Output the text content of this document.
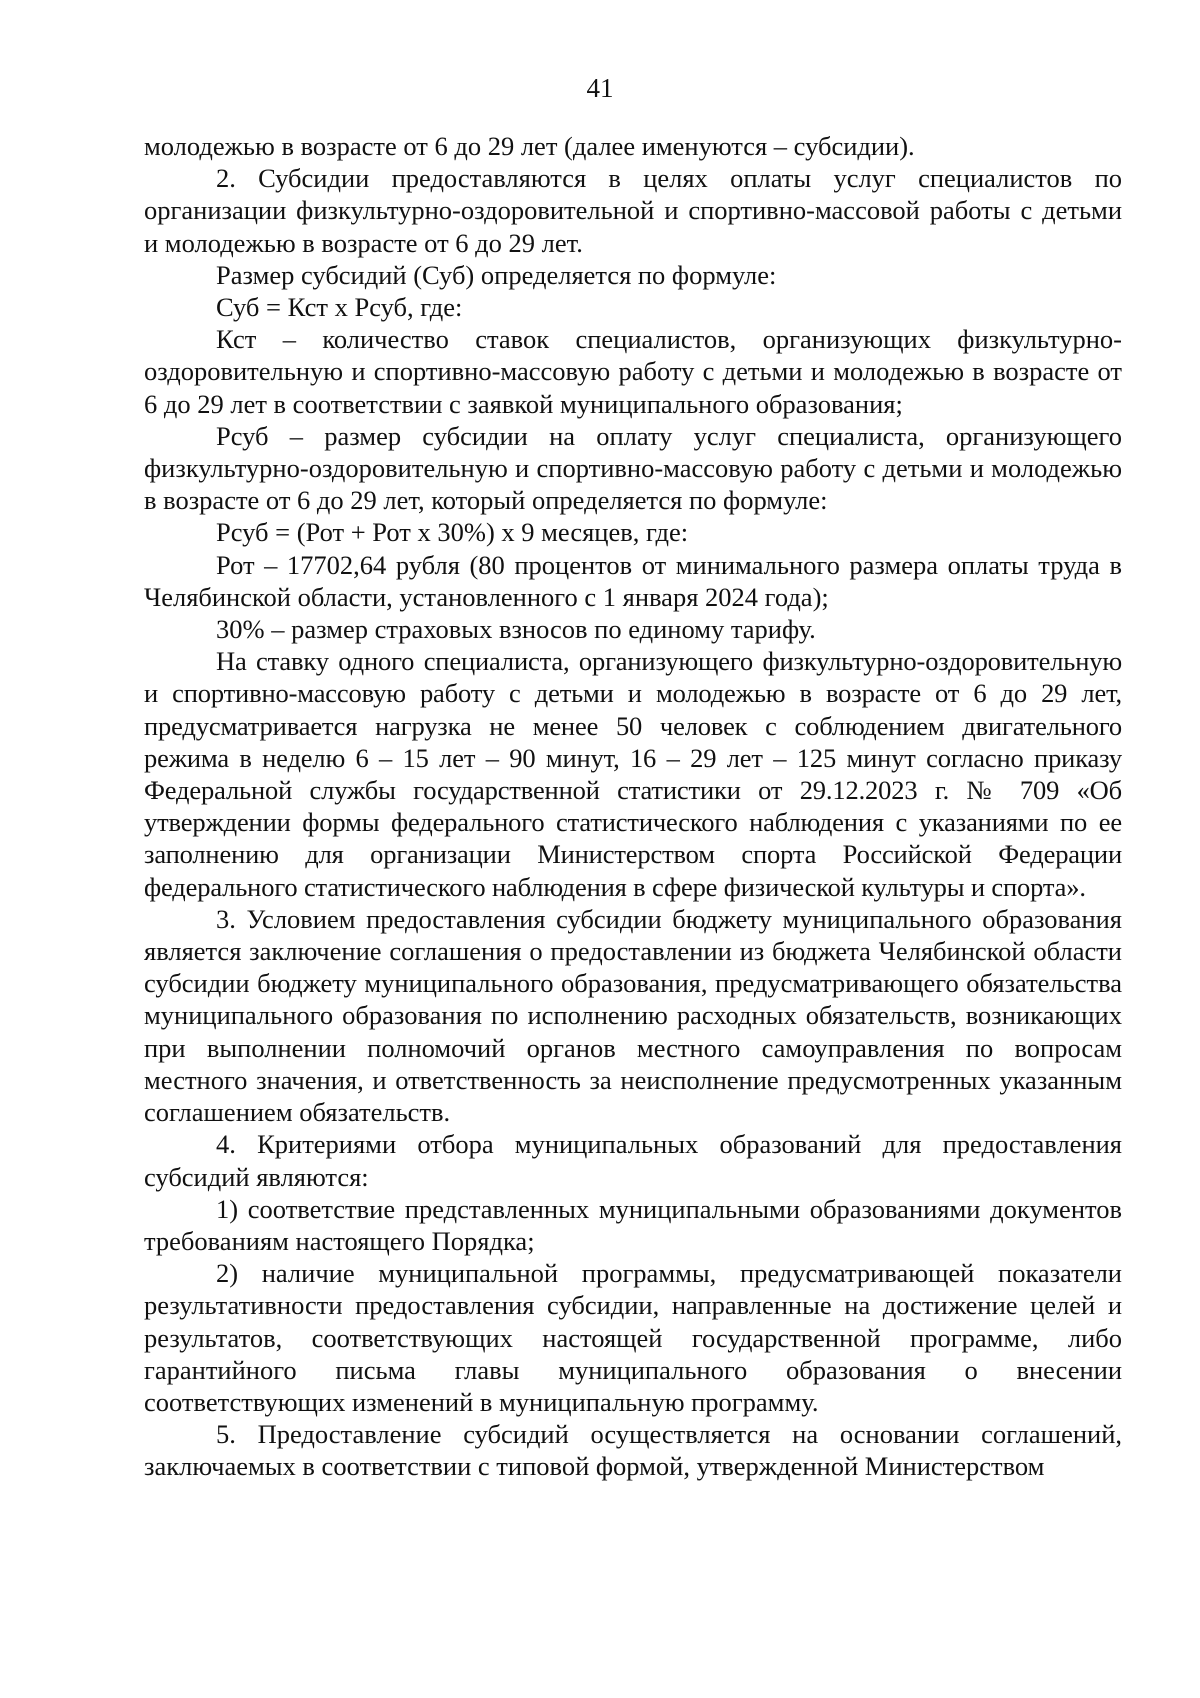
41

молодежью в возрасте от 6 до 29 лет (далее именуются – субсидии).

2. Субсидии предоставляются в целях оплаты услуг специалистов по организации физкультурно-оздоровительной и спортивно-массовой работы с детьми и молодежью в возрасте от 6 до 29 лет.

Размер субсидий (Суб) определяется по формуле:

Суб = Кст х Рсуб, где:

Кст – количество ставок специалистов, организующих физкультурно-оздоровительную и спортивно-массовую работу с детьми и молодежью в возрасте от 6 до 29 лет в соответствии с заявкой муниципального образования;

Рсуб – размер субсидии на оплату услуг специалиста, организующего физкультурно-оздоровительную и спортивно-массовую работу с детьми и молодежью в возрасте от 6 до 29 лет, который определяется по формуле:

Рсуб = (Рот + Рот х 30%) х 9 месяцев, где:

Рот – 17702,64 рубля (80 процентов от минимального размера оплаты труда в Челябинской области, установленного с 1 января 2024 года);

30% – размер страховых взносов по единому тарифу.

На ставку одного специалиста, организующего физкультурно-оздоровительную и спортивно-массовую работу с детьми и молодежью в возрасте от 6 до 29 лет, предусматривается нагрузка не менее 50 человек с соблюдением двигательного режима в неделю 6 – 15 лет – 90 минут, 16 – 29 лет – 125 минут согласно приказу Федеральной службы государственной статистики от 29.12.2023 г. № 709 «Об утверждении формы федерального статистического наблюдения с указаниями по ее заполнению для организации Министерством спорта Российской Федерации федерального статистического наблюдения в сфере физической культуры и спорта».

3. Условием предоставления субсидии бюджету муниципального образования является заключение соглашения о предоставлении из бюджета Челябинской области субсидии бюджету муниципального образования, предусматривающего обязательства муниципального образования по исполнению расходных обязательств, возникающих при выполнении полномочий органов местного самоуправления по вопросам местного значения, и ответственность за неисполнение предусмотренных указанным соглашением обязательств.

4. Критериями отбора муниципальных образований для предоставления субсидий являются:

1) соответствие представленных муниципальными образованиями документов требованиям настоящего Порядка;

2) наличие муниципальной программы, предусматривающей показатели результативности предоставления субсидии, направленные на достижение целей и результатов, соответствующих настоящей государственной программе, либо гарантийного письма главы муниципального образования о внесении соответствующих изменений в муниципальную программу.

5. Предоставление субсидий осуществляется на основании соглашений, заключаемых в соответствии с типовой формой, утвержденной Министерством
